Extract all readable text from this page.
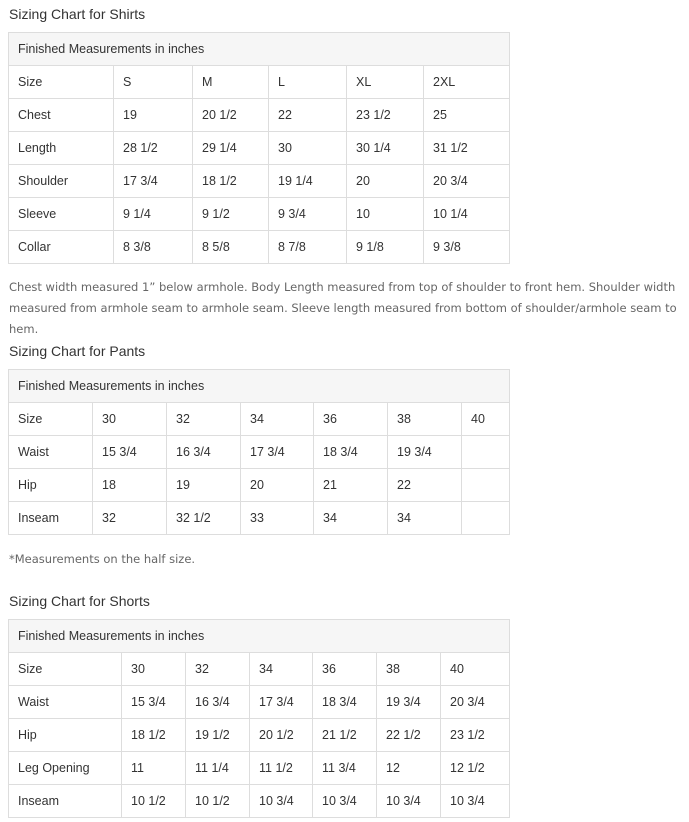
Sizing Chart for Shirts
Finished Measurements in inches					
Size	S	M	L	XL	2XL
Chest	19	20 1/2	22	23 1/2	25
Length	28 1/2	29 1/4	30	30 1/4	31 1/2
Shoulder	17 3/4	18 1/2	19 1/4	20	20 3/4
Sleeve	9 1/4	9 1/2	9 3/4	10	10 1/4
Collar	8 3/8	8 5/8	8 7/8	9 1/8	9 3/8

Chest width measured 1” below armhole. Body Length measured from top of shoulder to front hem. Shoulder width measured from armhole seam to armhole seam. Sleeve length measured from bottom of shoulder/armhole seam to hem.

Sizing Chart for Pants
Finished Measurements in inches						
Size	30	32	34	36	38	40
Waist	15 3/4	16 3/4	17 3/4	18 3/4	19 3/4	
Hip	18	19	20	21	22	
Inseam	32	32 1/2	33	34	34	

*Measurements on the half size.

Sizing Chart for Shorts
Finished Measurements in inches						
Size	30	32	34	36	38	40
Waist	15 3/4	16 3/4	17 3/4	18 3/4	19 3/4	20 3/4
Hip	18 1/2	19 1/2	20 1/2	21 1/2	22 1/2	23 1/2
Leg Opening	11	11 1/4	11 1/2	11 3/4	12	12 1/2
Inseam	10 1/2	10 1/2	10 3/4	10 3/4	10 3/4	10 3/4
